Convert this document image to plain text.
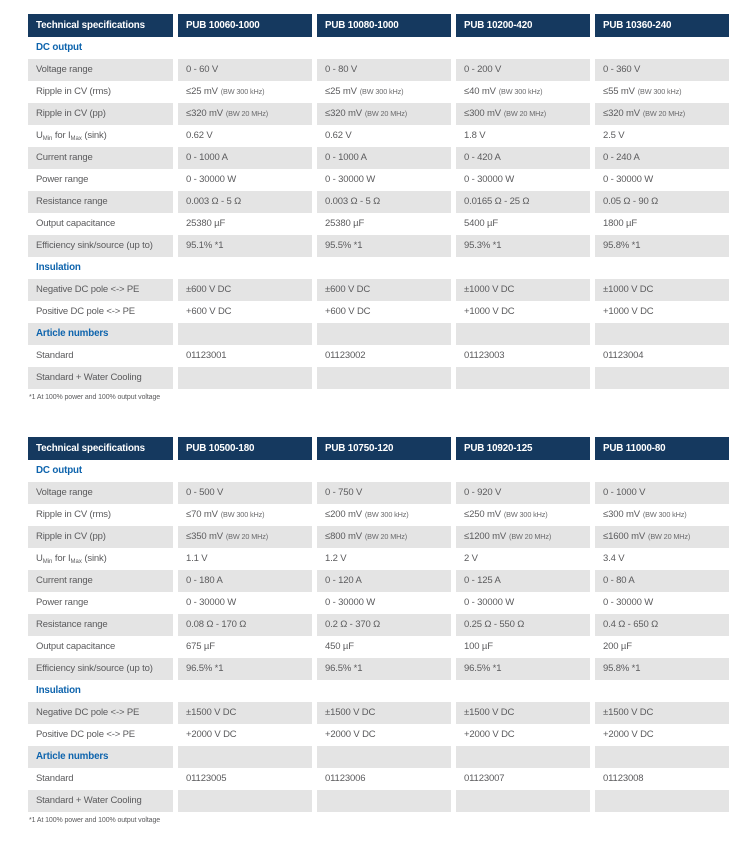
Technical specifications	PUB 10060-1000	PUB 10080-1000	PUB 10200-420	PUB 10360-240
DC output
Voltage range	0 - 60 V	0 - 80 V	0 - 200 V	0 - 360 V
Ripple in CV (rms)	≤25 mV (BW 300 kHz)	≤25 mV (BW 300 kHz)	≤40 mV (BW 300 kHz)	≤55 mV (BW 300 kHz)
Ripple in CV (pp)	≤320 mV (BW 20 MHz)	≤320 mV (BW 20 MHz)	≤300 mV (BW 20 MHz)	≤320 mV (BW 20 MHz)
$U_{Min}$ for $I_{Max}$ (sink)	0.62 V	0.62 V	1.8 V	2.5 V
Current range	0 - 1000 A	0 - 1000 A	0 - 420 A	0 - 240 A
Power range	0 - 30000 W	0 - 30000 W	0 - 30000 W	0 - 30000 W
Resistance range	0.003 Ω - 5 Ω	0.003 Ω - 5 Ω	0.0165 Ω - 25 Ω	0.05 Ω - 90 Ω
Output capacitance	25380 µF	25380 µF	5400 µF	1800 µF
Efficiency sink/source (up to)	95.1% *1	95.5% *1	95.3% *1	95.8% *1
Insulation
Negative DC pole <-> PE	±600 V DC	±600 V DC	±1000 V DC	±1000 V DC
Positive DC pole <-> PE	+600 V DC	+600 V DC	+1000 V DC	+1000 V DC
Article numbers
Standard	01123001	01123002	01123003	01123004
Standard + Water Cooling
*1 At 100% power and 100% output voltage
Technical specifications	PUB 10500-180	PUB 10750-120	PUB 10920-125	PUB 11000-80
DC output
Voltage range	0 - 500 V	0 - 750 V	0 - 920 V	0 - 1000 V
Ripple in CV (rms)	≤70 mV (BW 300 kHz)	≤200 mV (BW 300 kHz)	≤250 mV (BW 300 kHz)	≤300 mV (BW 300 kHz)
Ripple in CV (pp)	≤350 mV (BW 20 MHz)	≤800 mV (BW 20 MHz)	≤1200 mV (BW 20 MHz)	≤1600 mV (BW 20 MHz)
$U_{Min}$ for $I_{Max}$ (sink)	1.1 V	1.2 V	2 V	3.4 V
Current range	0 - 180 A	0 - 120 A	0 - 125 A	0 - 80 A
Power range	0 - 30000 W	0 - 30000 W	0 - 30000 W	0 - 30000 W
Resistance range	0.08 Ω - 170 Ω	0.2 Ω - 370 Ω	0.25 Ω - 550 Ω	0.4 Ω - 650 Ω
Output capacitance	675 µF	450 µF	100 µF	200 µF
Efficiency sink/source (up to)	96.5% *1	96.5% *1	96.5% *1	95.8% *1
Insulation
Negative DC pole <-> PE	±1500 V DC	±1500 V DC	±1500 V DC	±1500 V DC
Positive DC pole <-> PE	+2000 V DC	+2000 V DC	+2000 V DC	+2000 V DC
Article numbers
Standard	01123005	01123006	01123007	01123008
Standard + Water Cooling
*1 At 100% power and 100% output voltage
